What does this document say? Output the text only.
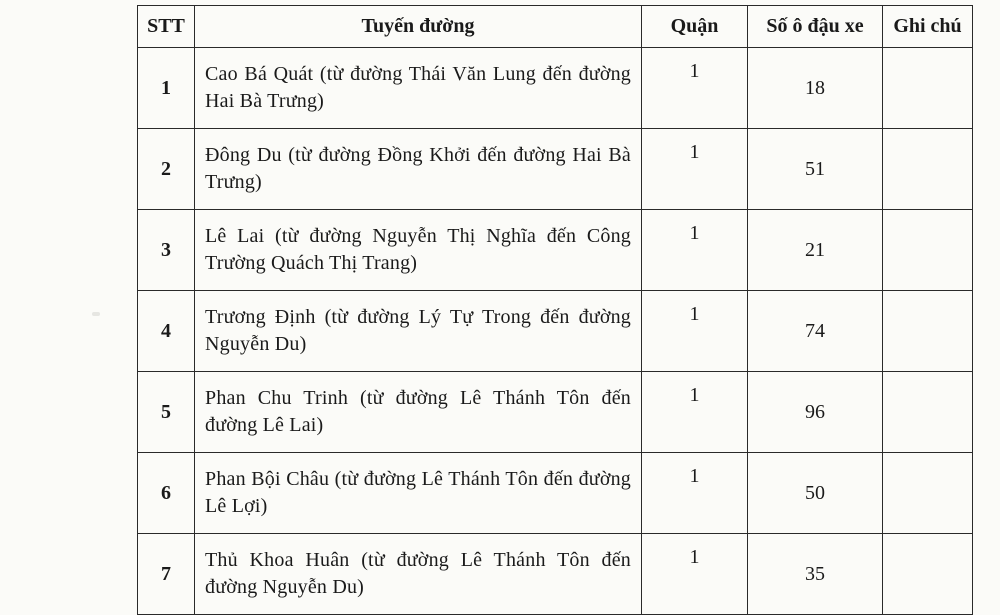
STT	Tuyến đường	Quận	Số ô đậu xe	Ghi chú
1	Cao Bá Quát (từ đường Thái Văn Lung đến đường Hai Bà Trưng)	1	18	
2	Đông Du (từ đường Đồng Khởi đến đường Hai Bà Trưng)	1	51	
3	Lê Lai (từ đường Nguyễn Thị Nghĩa đến Công Trường Quách Thị Trang)	1	21	
4	Trương Định (từ đường Lý Tự Trong đến đường Nguyễn Du)	1	74	
5	Phan Chu Trinh (từ đường Lê Thánh Tôn đến đường Lê Lai)	1	96	
6	Phan Bội Châu (từ đường Lê Thánh Tôn đến đường Lê Lợi)	1	50	
7	Thủ Khoa Huân (từ đường Lê Thánh Tôn đến đường Nguyễn Du)	1	35	
